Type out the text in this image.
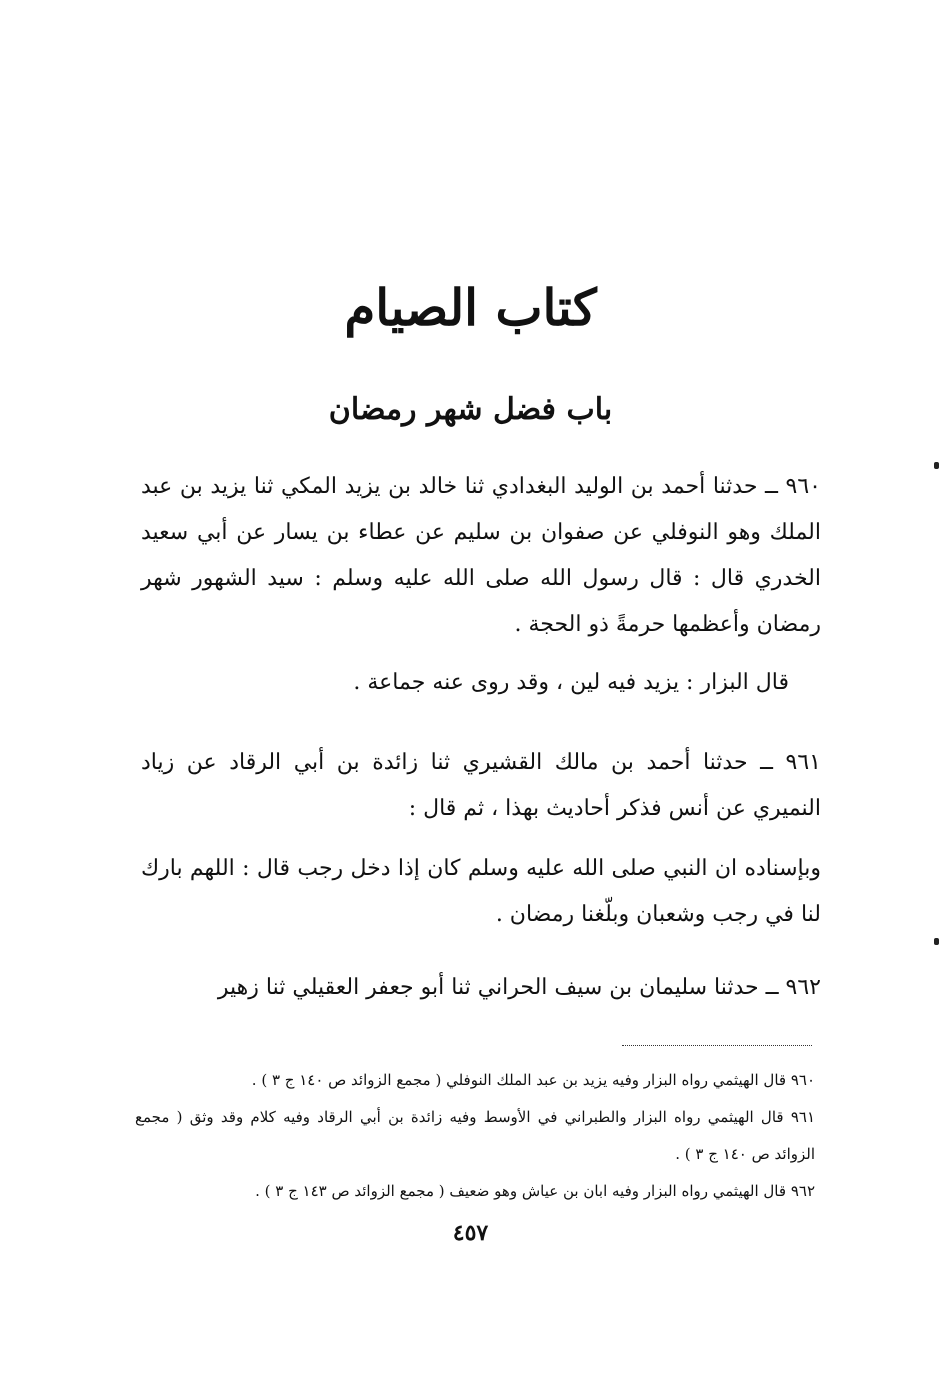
كتاب الصيام
باب فضل شهر رمضان

٩٦٠ ــ حدثنا أحمد بن الوليد البغدادي ثنا خالد بن يزيد المكي ثنا يزيد بن عبد الملك وهو النوفلي عن صفوان بن سليم عن عطاء بن يسار عن أبي سعيد الخدري قال : قال رسول الله صلى الله عليه وسلم : سيد الشهور شهر رمضان وأعظمها حرمةً ذو الحجة .

قال البزار : يزيد فيه لين ، وقد روى عنه جماعة .

٩٦١ ــ حدثنا أحمد بن مالك القشيري ثنا زائدة بن أبي الرقاد عن زياد النميري عن أنس فذكر أحاديث بهذا ، ثم قال :

وبإسناده ان النبي صلى الله عليه وسلم كان إذا دخل رجب قال : اللهم بارك لنا في رجب وشعبان وبلّغنا رمضان .

٩٦٢ ــ حدثنا سليمان بن سيف الحراني ثنا أبو جعفر العقيلي ثنا زهير

٩٦٠ قال الهيثمي رواه البزار وفيه يزيد بن عبد الملك النوفلي ( مجمع الزوائد ص ١٤٠ ج ٣ ) .

٩٦١ قال الهيثمي رواه البزار والطبراني في الأوسط وفيه زائدة بن أبي الرقاد وفيه كلام وقد وثق ( مجمع الزوائد ص ١٤٠ ج ٣ ) .

٩٦٢ قال الهيثمي رواه البزار وفيه ابان بن عياش وهو ضعيف ( مجمع الزوائد ص ١٤٣ ج ٣ ) .

٤٥٧
